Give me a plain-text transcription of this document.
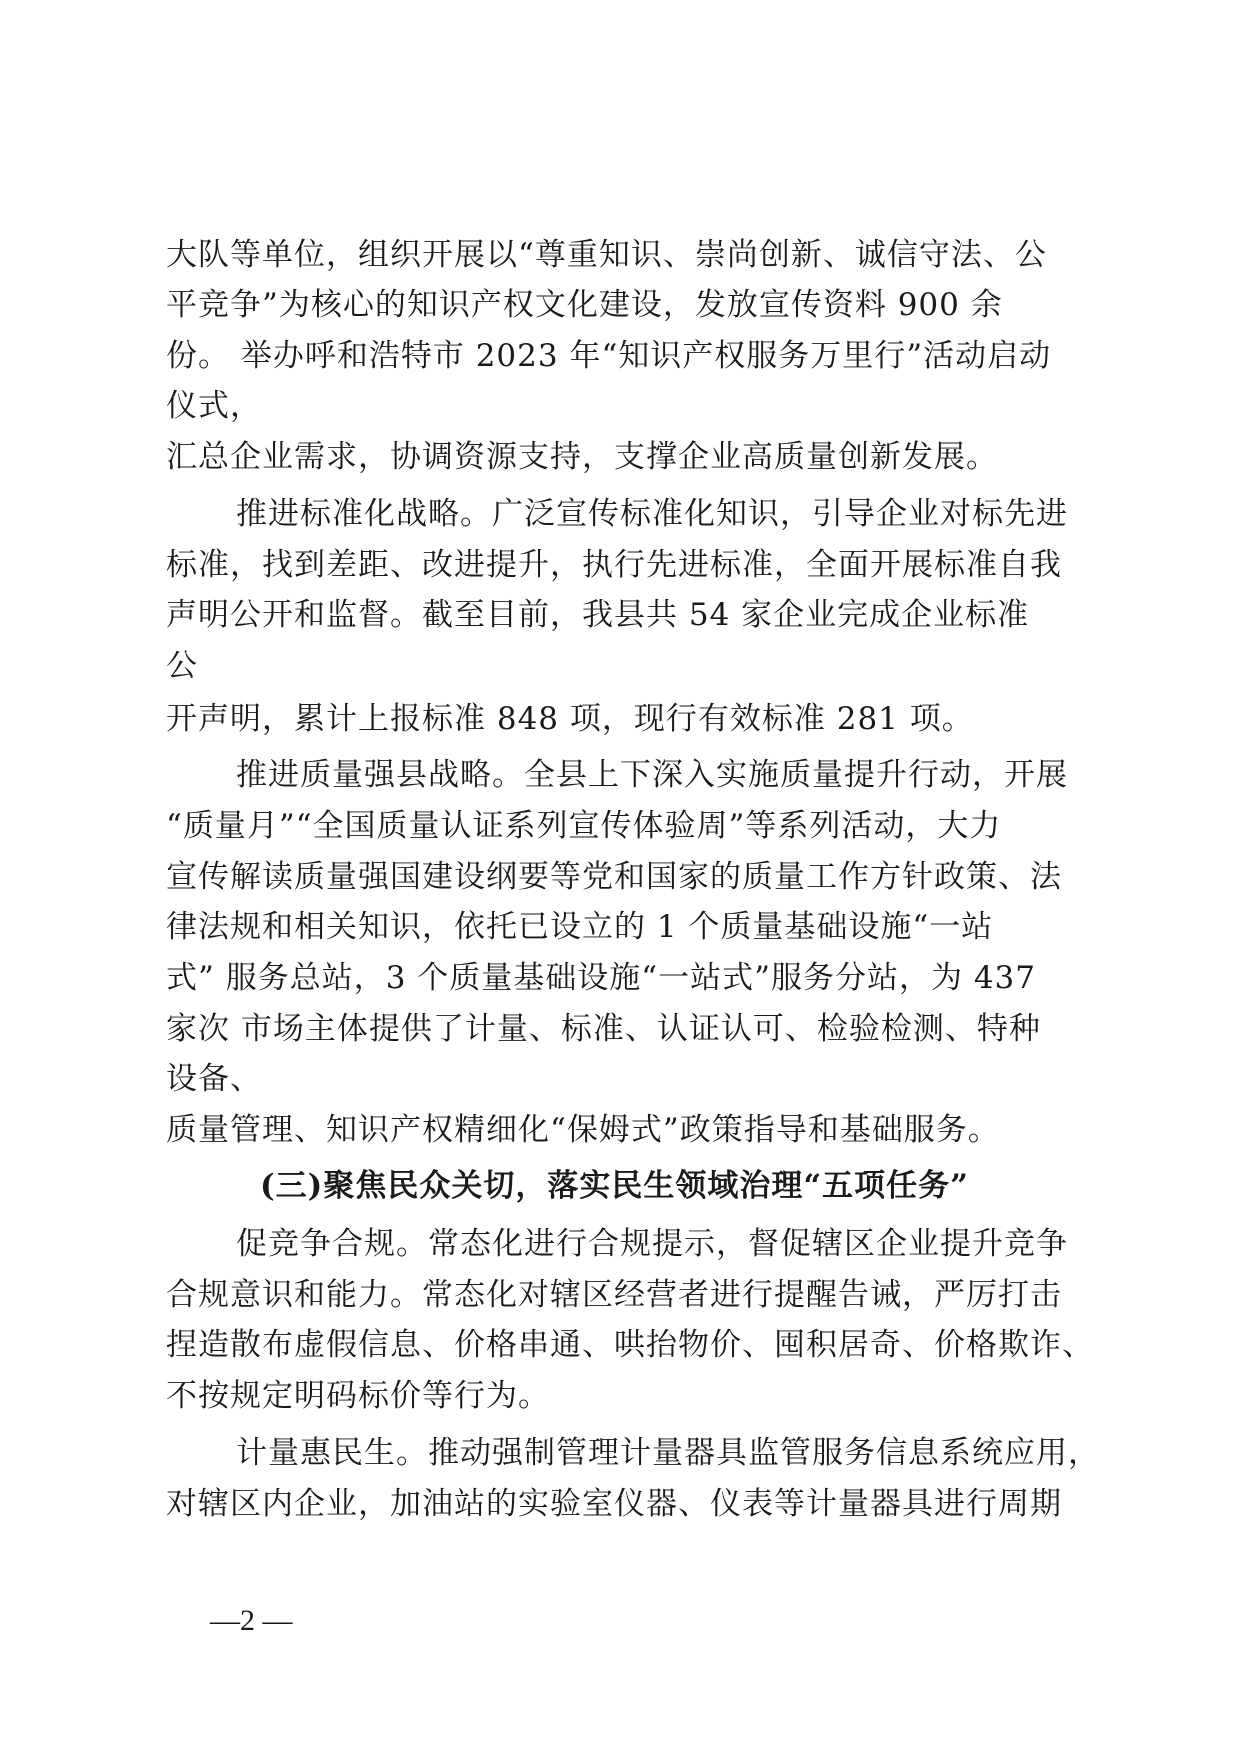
大队等单位，组织开展以“尊重知识、崇尚创新、诚信守法、公
平竞争”为核心的知识产权文化建设，发放宣传资料 900 余
份。 举办呼和浩特市 2023 年“知识产权服务万里行”活动启动
仪式，
汇总企业需求，协调资源支持，支撑企业高质量创新发展。
推进标准化战略。广泛宣传标准化知识，引导企业对标先进
标准，找到差距、改进提升，执行先进标准，全面开展标准自我
声明公开和监督。截至目前，我县共 54 家企业完成企业标准
公
开声明，累计上报标准 848 项，现行有效标准 281 项。
推进质量强县战略。全县上下深入实施质量提升行动，开展
“质量月”“全国质量认证系列宣传体验周”等系列活动，大力
宣传解读质量强国建设纲要等党和国家的质量工作方针政策、法
律法规和相关知识，依托已设立的 1 个质量基础设施“一站
式” 服务总站，3 个质量基础设施“一站式”服务分站，为 437
家次 市场主体提供了计量、标准、认证认可、检验检测、特种
设备、
质量管理、知识产权精细化“保姆式”政策指导和基础服务。
(三)聚焦民众关切，落实民生领域治理“五项任务”
促竞争合规。常态化进行合规提示，督促辖区企业提升竞争
合规意识和能力。常态化对辖区经营者进行提醒告诫，严厉打击
捏造散布虚假信息、价格串通、哄抬物价、囤积居奇、价格欺诈、
不按规定明码标价等行为。
计量惠民生。推动强制管理计量器具监管服务信息系统应用，
对辖区内企业，加油站的实验室仪器、仪表等计量器具进行周期
—2 —
